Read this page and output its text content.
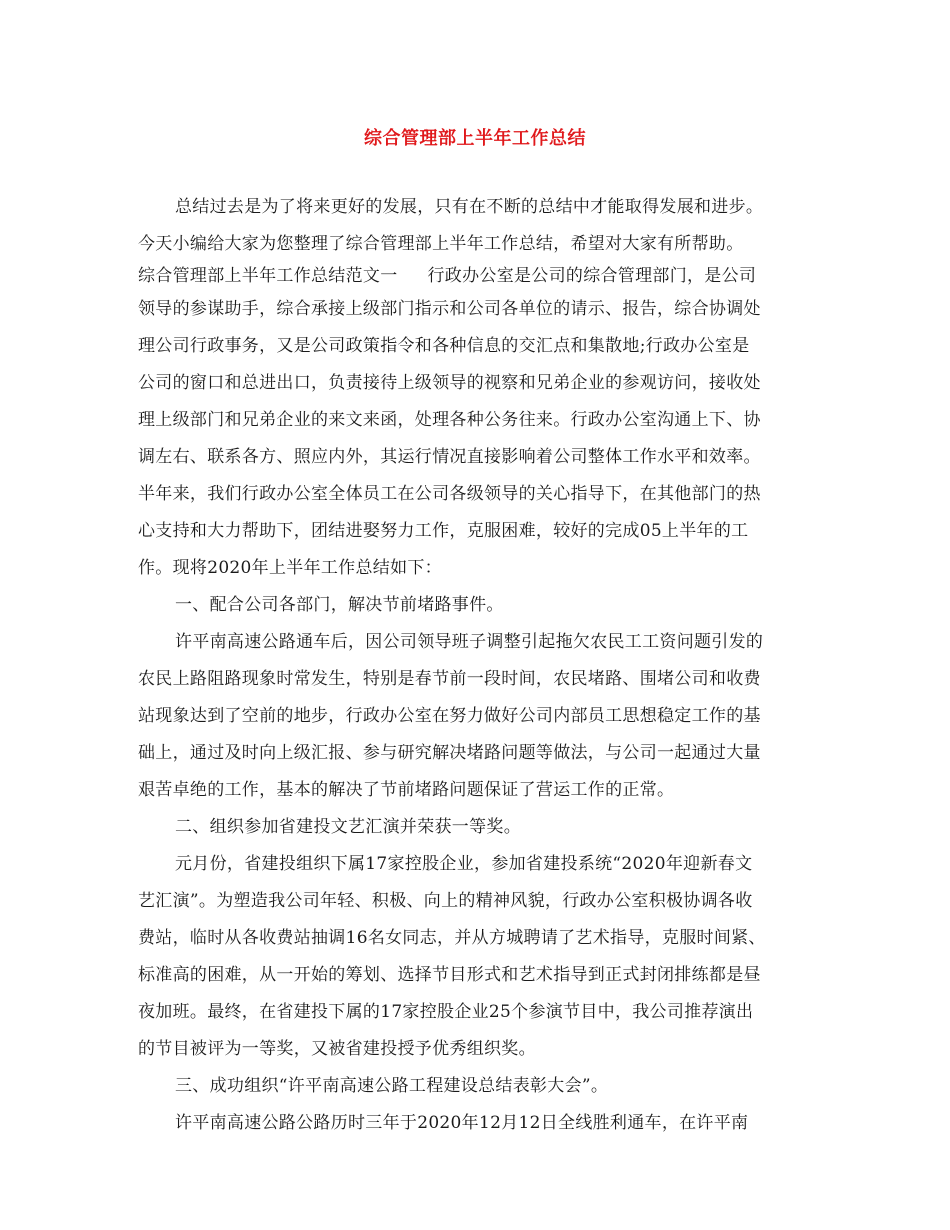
综合管理部上半年工作总结
总结过去是为了将来更好的发展，只有在不断的总结中才能取得发展和进步。
今天小编给大家为您整理了综合管理部上半年工作总结，希望对大家有所帮助。
综合管理部上半年工作总结范文一 行政办公室是公司的综合管理部门，是公司
领导的参谋助手，综合承接上级部门指示和公司各单位的请示、报告，综合协调处
理公司行政事务，又是公司政策指令和各种信息的交汇点和集散地;行政办公室是
公司的窗口和总进出口，负责接待上级领导的视察和兄弟企业的参观访问，接收处
理上级部门和兄弟企业的来文来函，处理各种公务往来。行政办公室沟通上下、协
调左右、联系各方、照应内外，其运行情况直接影响着公司整体工作水平和效率。
半年来，我们行政办公室全体员工在公司各级领导的关心指导下，在其他部门的热
心支持和大力帮助下，团结进娶努力工作，克服困难，较好的完成05上半年的工
作。现将2020年上半年工作总结如下：
一、配合公司各部门，解决节前堵路事件。
许平南高速公路通车后，因公司领导班子调整引起拖欠农民工工资问题引发的
农民上路阻路现象时常发生，特别是春节前一段时间，农民堵路、围堵公司和收费
站现象达到了空前的地步，行政办公室在努力做好公司内部员工思想稳定工作的基
础上，通过及时向上级汇报、参与研究解决堵路问题等做法，与公司一起通过大量
艰苦卓绝的工作，基本的解决了节前堵路问题保证了营运工作的正常。
二、组织参加省建投文艺汇演并荣获一等奖。
元月份，省建投组织下属17家控股企业，参加省建投系统“2020年迎新春文
艺汇演”。为塑造我公司年轻、积极、向上的精神风貌，行政办公室积极协调各收
费站，临时从各收费站抽调16名女同志，并从方城聘请了艺术指导，克服时间紧、
标准高的困难，从一开始的筹划、选择节目形式和艺术指导到正式封闭排练都是昼
夜加班。最终，在省建投下属的17家控股企业25个参演节目中，我公司推荐演出
的节目被评为一等奖，又被省建投授予优秀组织奖。
三、成功组织“许平南高速公路工程建设总结表彰大会”。
许平南高速公路公路历时三年于2020年12月12日全线胜利通车，在许平南
